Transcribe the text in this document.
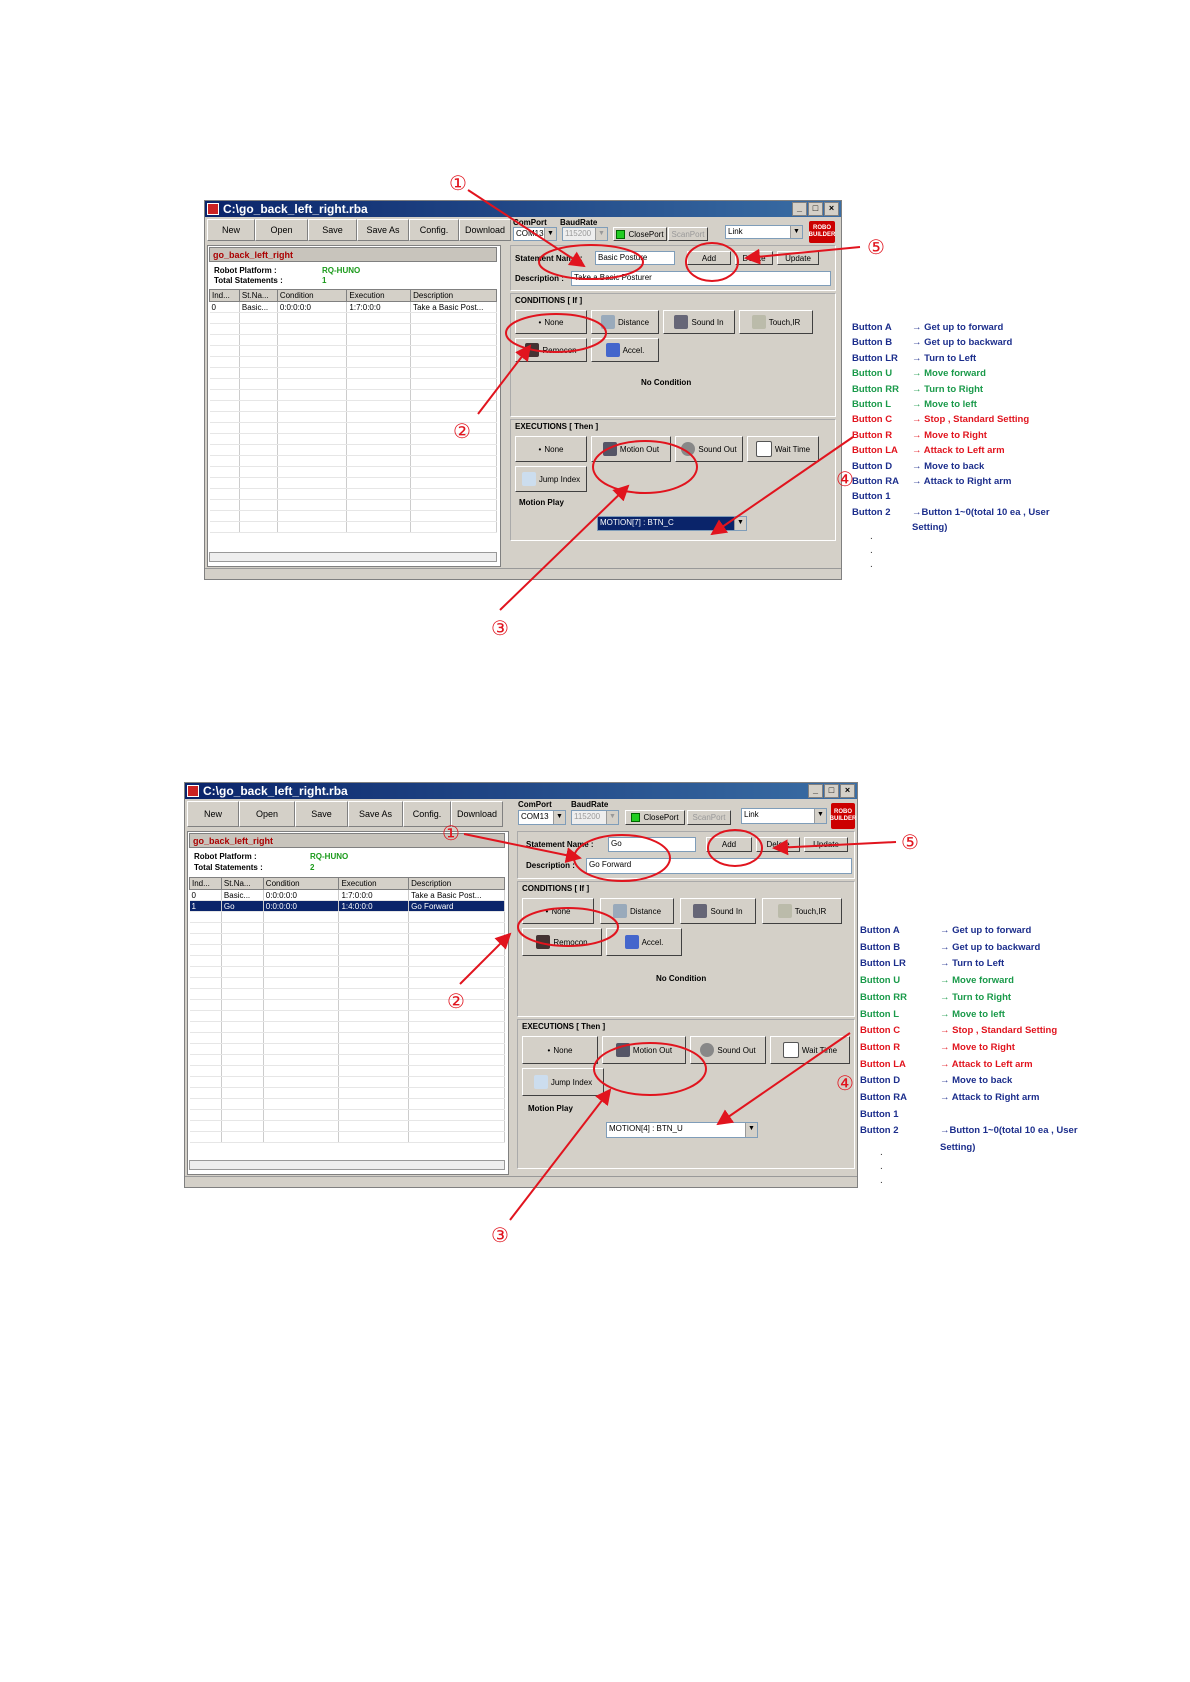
C:\go_back_left_right.rba	_	□	×
New	Open	Save	Save As	Config.	Download
ComPort BaudRate
COM13 ▼	115200 ▼	ClosePort ScanPort	Link	▼	ROBO BUILDER
go_back_left_right
Robot Platform :	RQ-HUNO
Total Statements :	1
Ind...	St.Na...	Condition	Execution	Description
0	Basic...	0:0:0:0:0	1:7:0:0:0	Take a Basic Post...

Statement Name :	Basic Posture	Add	Delete	Update
Description :	Take a Basic Posturer
CONDITIONS [ If ]
• None	Distance	Sound In	Touch,IR
Remocon	Accel.
No Condition
EXECUTIONS [ Then ]
• None	Motion Out	Sound Out	Wait Time
Jump Index
Motion Play
MOTION[7] : BTN_C	▼
Button A	→ Get up to forward
Button B	→ Get up to backward
Button LR	→ Turn to Left
Button U	→ Move forward
Button RR	→ Turn to Right
Button L	→ Move to left
Button C	→ Stop , Standard Setting
Button R	→ Move to Right
Button LA	→ Attack to Left arm
Button D	→ Move to back
Button RA	→ Attack to Right arm
Button 1
Button 2	→Button 1~0(total 10 ea , User
Setting)
.
.
.
C:\go_back_left_right.rba	_	□	×
New	Open	Save	Save As	Config.	Download
ComPort BaudRate
COM13	▼	115200	▼	ClosePort	ScanPort	Link	▼	ROBO BUILDER
go_back_left_right
Robot Platform :	RQ-HUNO
Total Statements :	2
Ind...	St.Na...	Condition	Execution	Description
0	Basic...	0:0:0:0:0	1:7:0:0:0	Take a Basic Post...
1	Go	0:0:0:0:0	1:4:0:0:0	Go Forward

Statement Name :	Go	Add	Delete	Update
Description :	Go Forward
CONDITIONS [ If ]
• None	Distance	Sound In	Touch,IR
Remocon	Accel.
No Condition
EXECUTIONS [ Then ]
• None	Motion Out	Sound Out	Wait Time
Jump Index
Motion Play
MOTION[4] : BTN_U	▼
Button A	→ Get up to forward
Button B	→ Get up to backward
Button LR	→ Turn to Left
Button U	→ Move forward
Button RR	→ Turn to Right
Button L	→ Move to left
Button C	→ Stop , Standard Setting
Button R	→ Move to Right
Button LA	→ Attack to Left arm
Button D	→ Move to back
Button RA	→ Attack to Right arm
Button 1
Button 2	→Button 1~0(total 10 ea , User
Setting)
.
.
.
①
②
③
④
⑤
①
②
③
④
⑤
